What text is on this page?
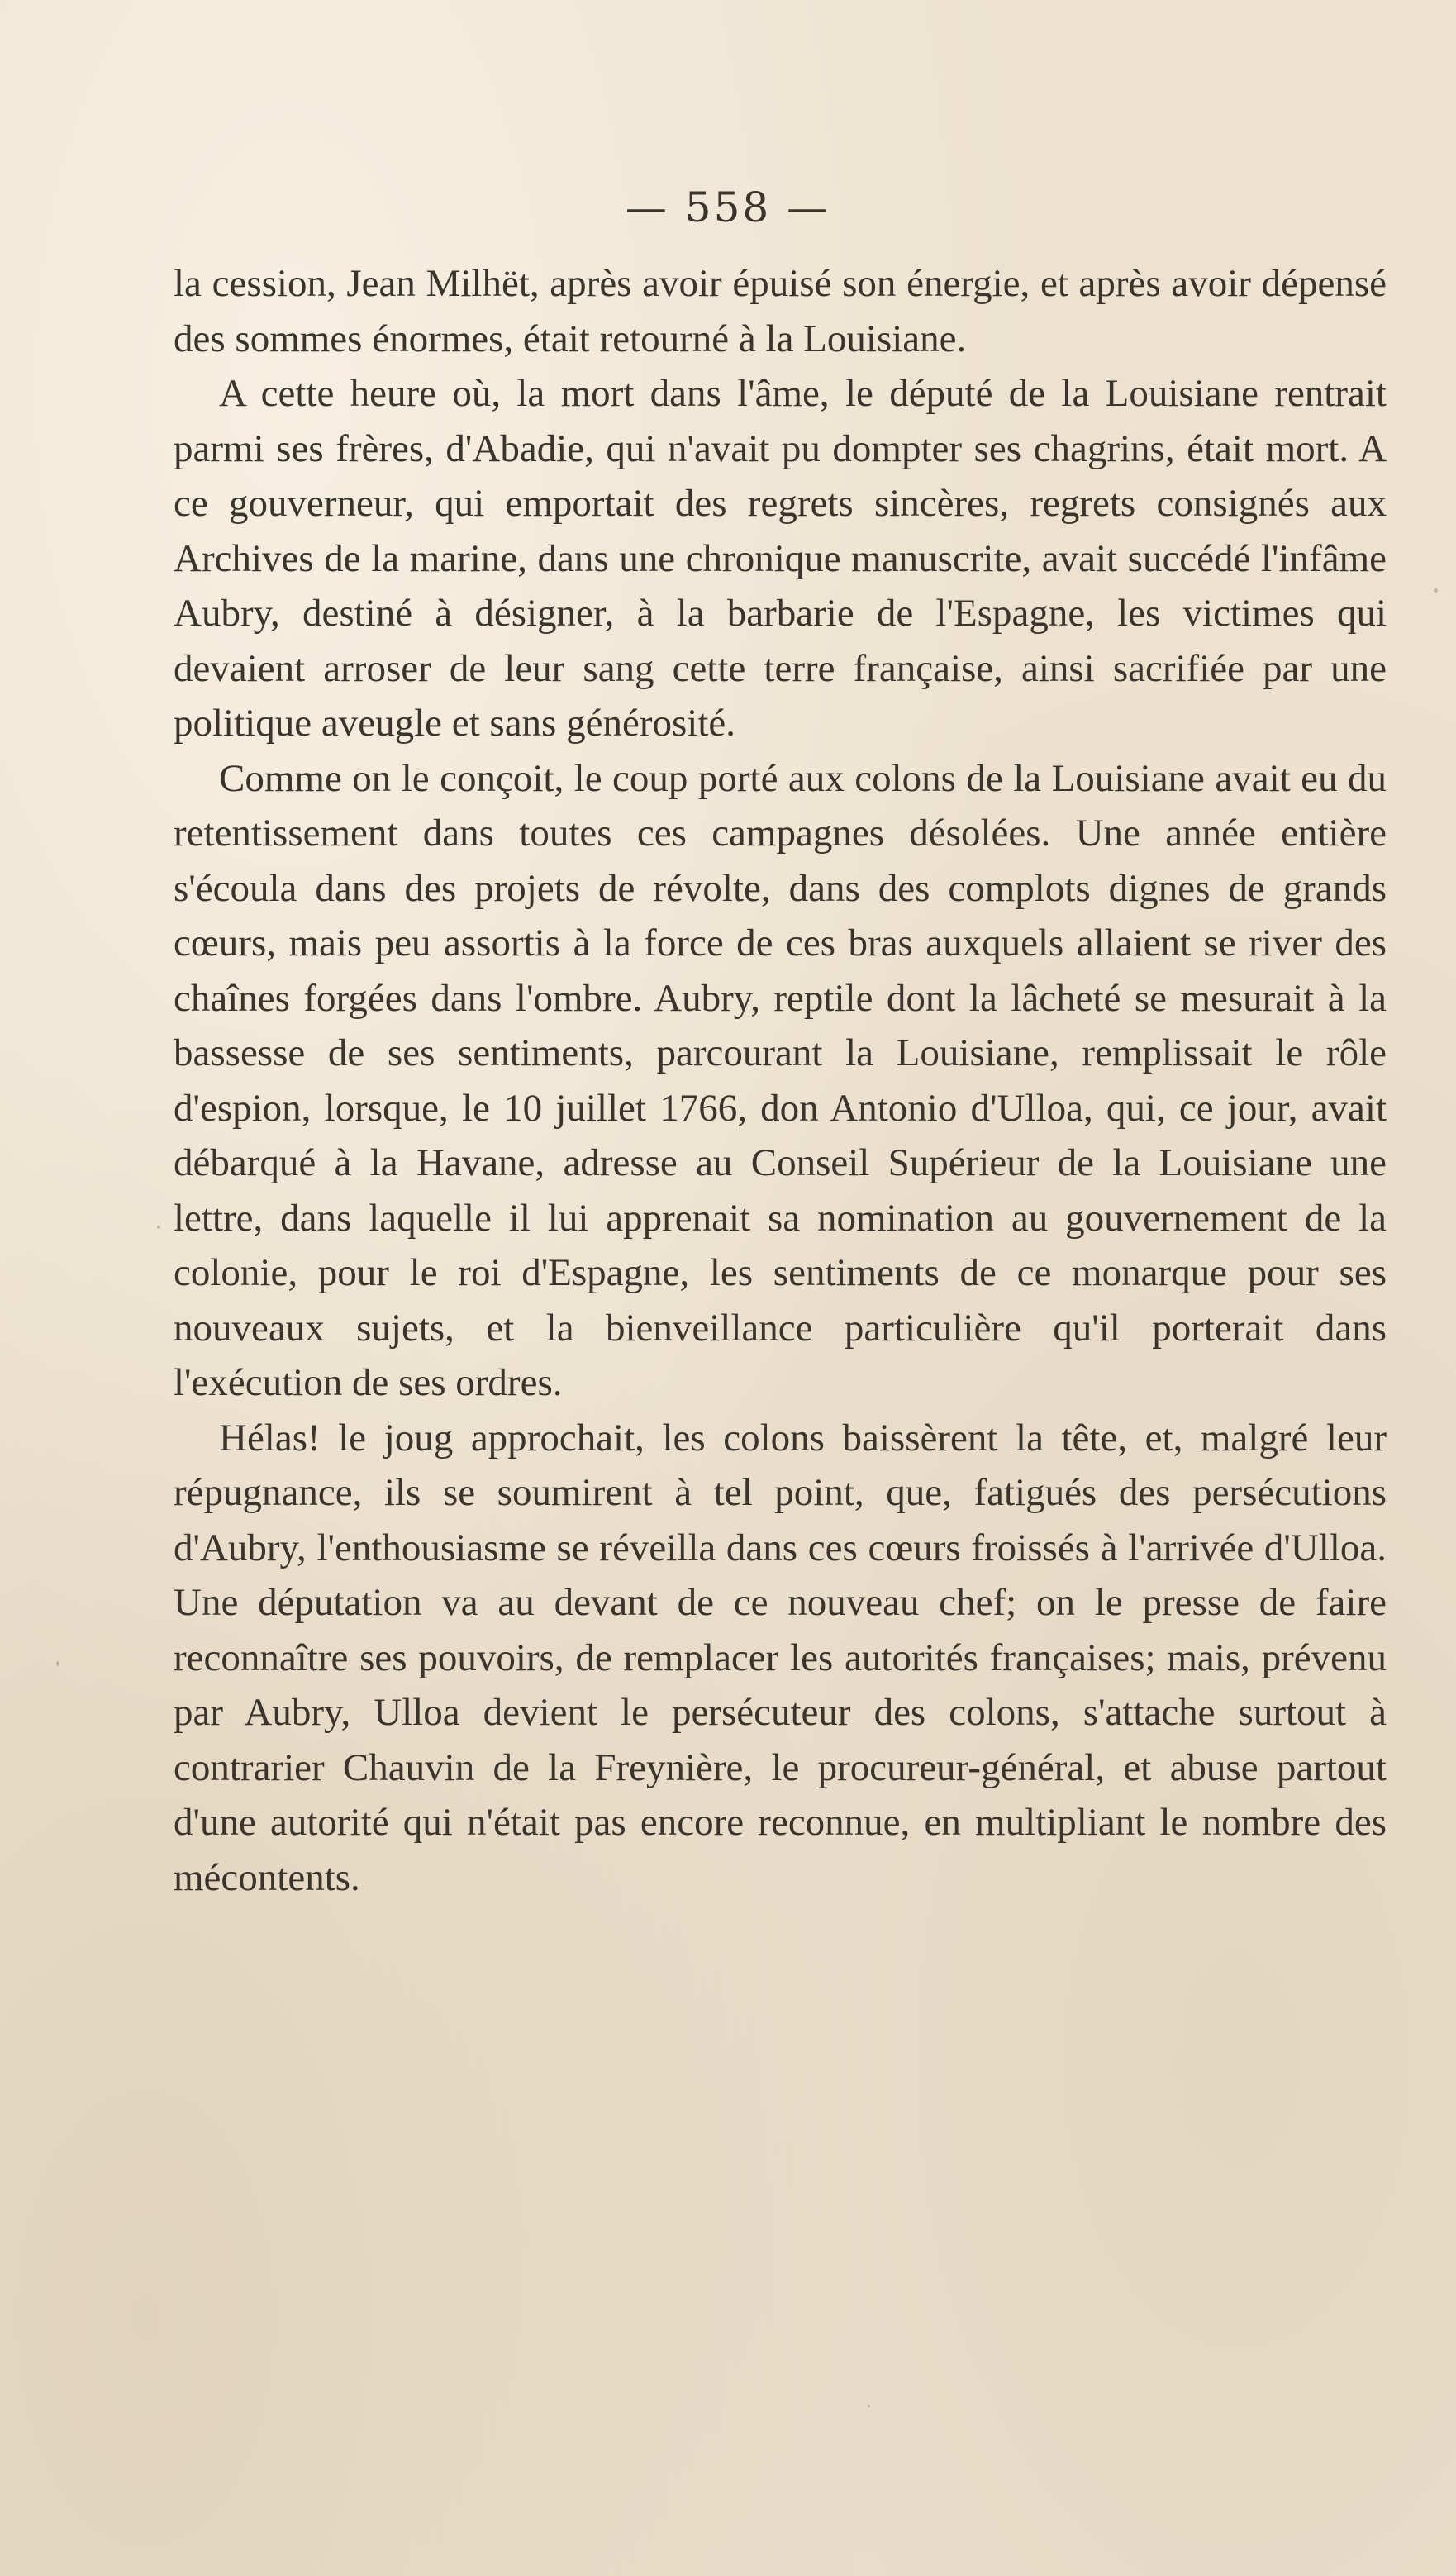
— 558 —

la cession, Jean Milhët, après avoir épuisé son énergie, et après avoir dépensé des sommes énormes, était retourné à la Louisiane.

A cette heure où, la mort dans l'âme, le député de la Louisiane rentrait parmi ses frères, d'Abadie, qui n'avait pu dompter ses chagrins, était mort. A ce gouverneur, qui emportait des regrets sincères, regrets consignés aux Archives de la marine, dans une chronique manuscrite, avait succédé l'infâme Aubry, destiné à désigner, à la barbarie de l'Espagne, les victimes qui devaient arroser de leur sang cette terre française, ainsi sacrifiée par une politique aveugle et sans générosité.

Comme on le conçoit, le coup porté aux colons de la Louisiane avait eu du retentissement dans toutes ces campagnes désolées. Une année entière s'écoula dans des projets de révolte, dans des complots dignes de grands cœurs, mais peu assortis à la force de ces bras auxquels allaient se river des chaînes forgées dans l'ombre. Aubry, reptile dont la lâcheté se mesurait à la bassesse de ses sentiments, parcourant la Louisiane, remplissait le rôle d'espion, lorsque, le 10 juillet 1766, don Antonio d'Ulloa, qui, ce jour, avait débarqué à la Havane, adresse au Conseil Supérieur de la Louisiane une lettre, dans laquelle il lui apprenait sa nomination au gouvernement de la colonie, pour le roi d'Espagne, les sentiments de ce monarque pour ses nouveaux sujets, et la bienveillance particulière qu'il porterait dans l'exécution de ses ordres.

Hélas! le joug approchait, les colons baissèrent la tête, et, malgré leur répugnance, ils se soumirent à tel point, que, fatigués des persécutions d'Aubry, l'enthousiasme se réveilla dans ces cœurs froissés à l'arrivée d'Ulloa. Une députation va au devant de ce nouveau chef; on le presse de faire reconnaître ses pouvoirs, de remplacer les autorités françaises; mais, prévenu par Aubry, Ulloa devient le persécuteur des colons, s'attache surtout à contrarier Chauvin de la Freynière, le procureur-général, et abuse partout d'une autorité qui n'était pas encore reconnue, en multipliant le nombre des mécontents.
